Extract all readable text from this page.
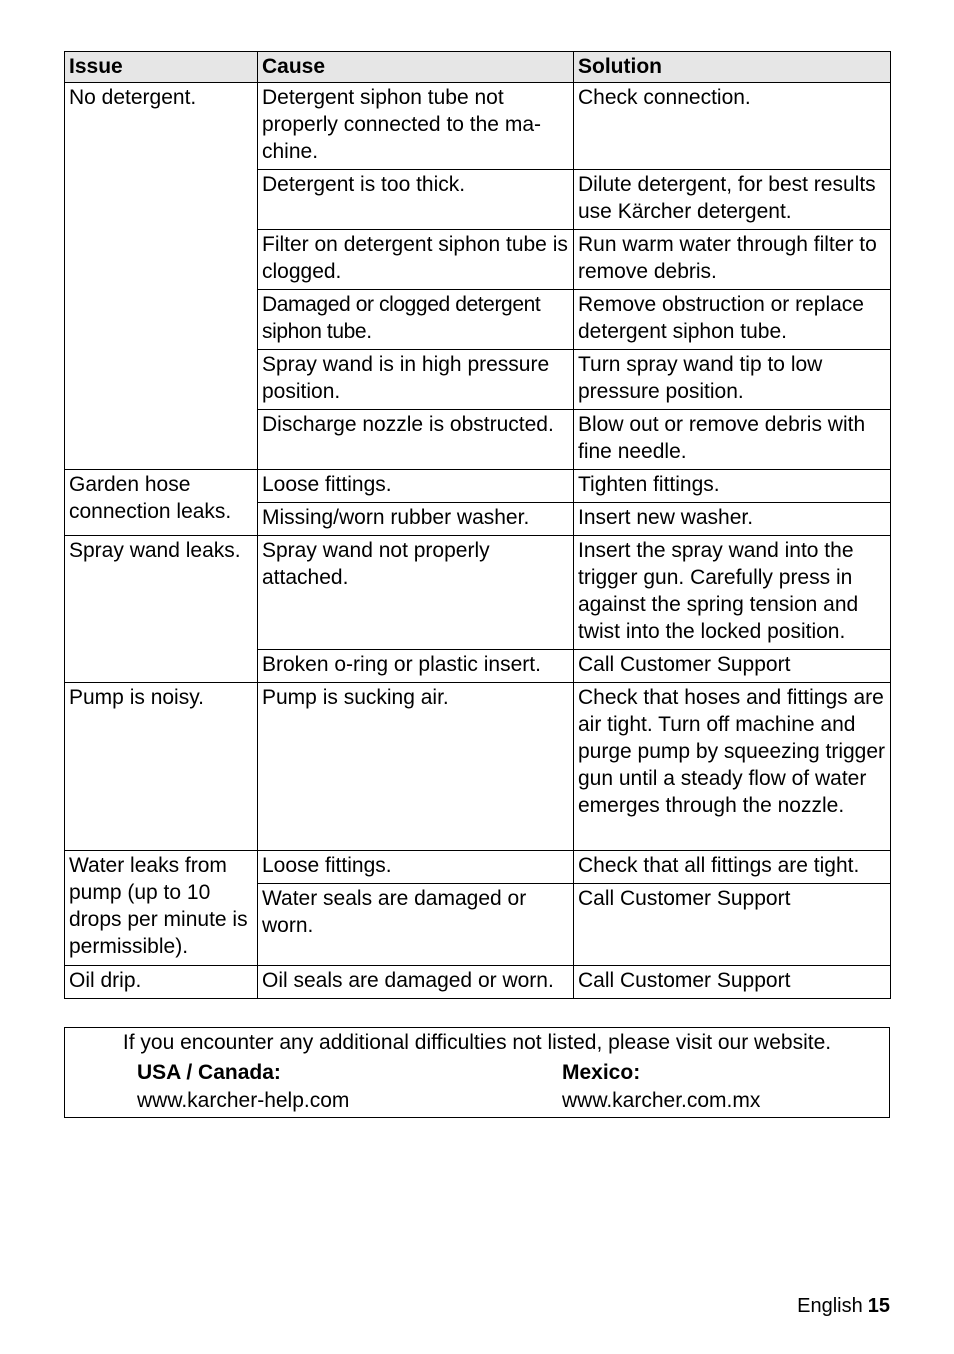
Issue	Cause	Solution
No detergent.	Detergent siphon tube not properly connected to the ma-chine.	Check connection.
	Detergent is too thick.	Dilute detergent, for best results use Kärcher detergent.
	Filter on detergent siphon tube is clogged.	Run warm water through filter to remove debris.
	Damaged or clogged detergent siphon tube.	Remove obstruction or replace detergent siphon tube.
	Spray wand is in high pressure position.	Turn spray wand tip to low pressure position.
	Discharge nozzle is obstructed.	Blow out or remove debris with fine needle.
Garden hose connection leaks.	Loose fittings.	Tighten fittings.
	Missing/worn rubber washer.	Insert new washer.
Spray wand leaks.	Spray wand not properly attached.	Insert the spray wand into the trigger gun. Carefully press in against the spring tension and twist into the locked position.
	Broken o-ring or plastic insert.	Call Customer Support
Pump is noisy.	Pump is sucking air.	Check that hoses and fittings are air tight. Turn off machine and purge pump by squeezing trigger gun until a steady flow of water emerges through the nozzle.
Water leaks from pump (up to 10 drops per minute is permissible).	Loose fittings.	Check that all fittings are tight.
	Water seals are damaged or worn.	Call Customer Support
Oil drip.	Oil seals are damaged or worn.	Call Customer Support
If you encounter any additional difficulties not listed, please visit our website.
USA / Canada:
www.karcher-help.com
Mexico:
www.karcher.com.mx
English 15
